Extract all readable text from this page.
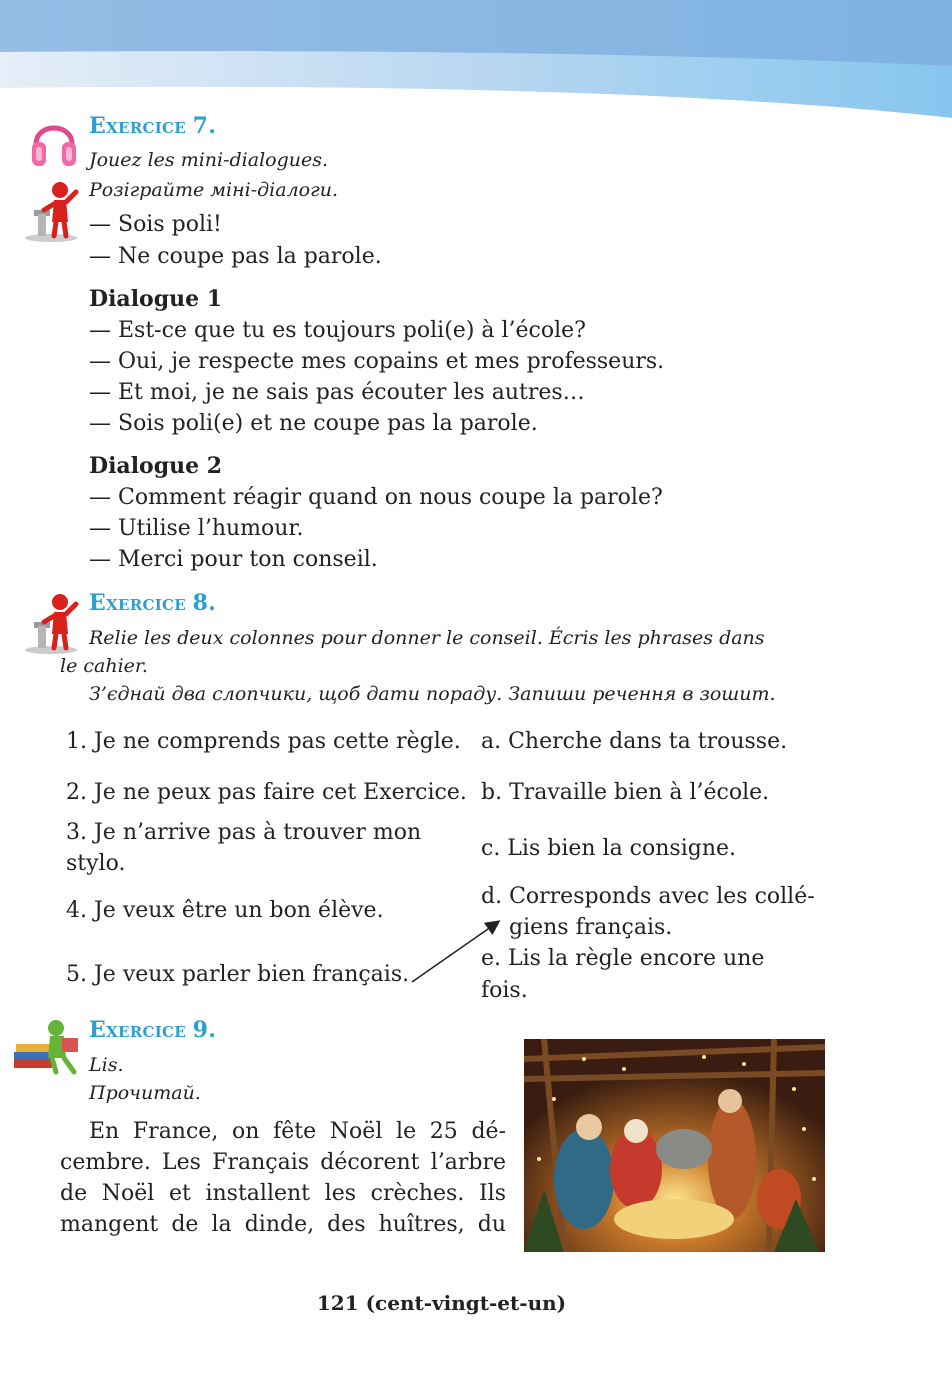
Exercice 7.
Jouez les mini-dialogues.
Розіграйте міні-діалоги.
— Sois poli!
— Ne coupe pas la parole.
Dialogue 1
— Est-ce que tu es toujours poli(e) à l’école?
— Oui, je respecte mes copains et mes professeurs.
— Et moi, je ne sais pas écouter les autres…
— Sois poli(e) et ne coupe pas la parole.
Dialogue 2
— Comment réagir quand on nous coupe la parole?
— Utilise l’humour.
— Merci pour ton conseil.
Exercice 8.
Relie les deux colonnes pour donner le conseil. Écris les phrases dans
le cahier.
З’єднай два слопчики, щоб дати пораду. Запиши речення в зошит.
1. Je ne comprends pas cette règle.
2. Je ne peux pas faire cet Exercice.
3. Je n’arrive pas à trouver mon
stylo.
4. Je veux être un bon élève.
5. Je veux parler bien français.
a. Cherche dans ta trousse.
b. Travaille bien à l’école.
c. Lis bien la consigne.
d. Corresponds avec les collé-
giens français.
e. Lis la règle encore une
fois.
Exercice 9.
Lis.
Прочитай.
En France, on fête Noël le 25 dé-
cembre. Les Français décorent l’arbre
de Noël et installent les crèches. Ils
mangent de la dinde, des huîtres, du
121 (cent-vingt-et-un)
